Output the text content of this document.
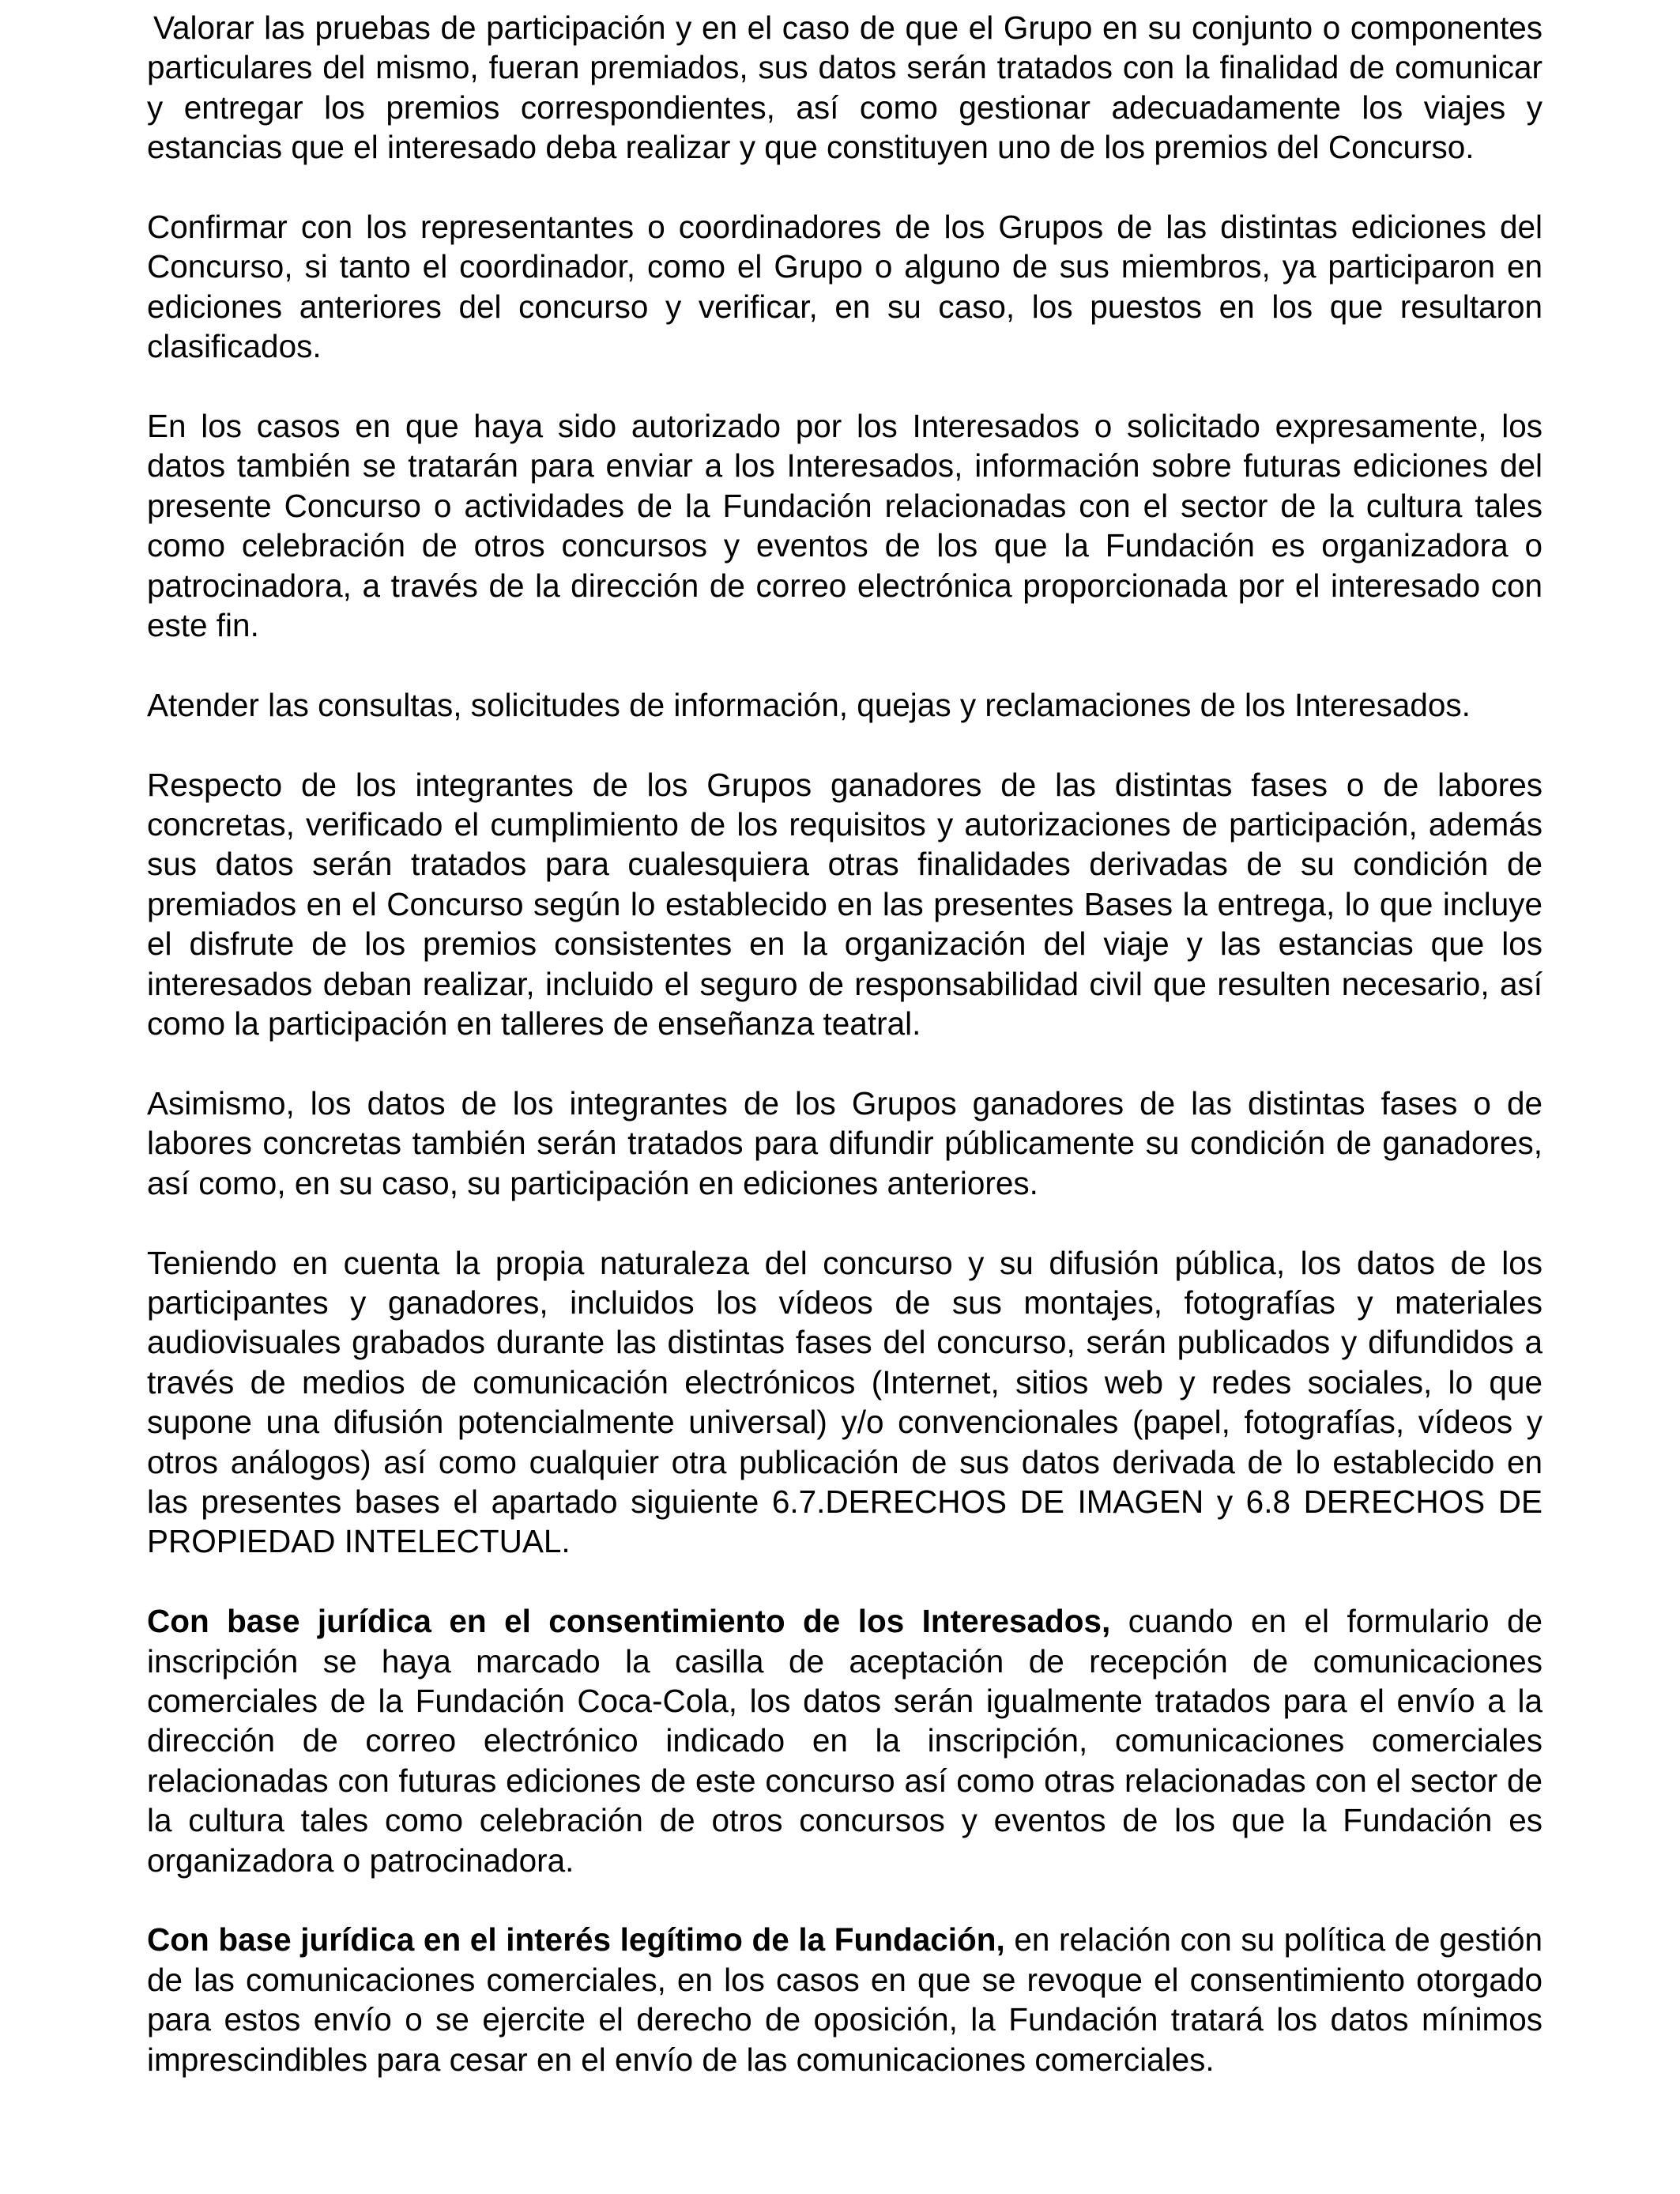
Valorar las pruebas de participación y en el caso de que el Grupo en su conjunto o componentes particulares del mismo, fueran premiados, sus datos serán tratados con la finalidad de comunicar y entregar los premios correspondientes, así como gestionar adecuadamente los viajes y estancias que el interesado deba realizar y que constituyen uno de los premios del Concurso.

Confirmar con los representantes o coordinadores de los Grupos de las distintas ediciones del Concurso, si tanto el coordinador, como el Grupo o alguno de sus miembros, ya participaron en ediciones anteriores del concurso y verificar, en su caso, los puestos en los que resultaron clasificados.

En los casos en que haya sido autorizado por los Interesados o solicitado expresamente, los datos también se tratarán para enviar a los Interesados, información sobre futuras ediciones del presente Concurso o actividades de la Fundación relacionadas con el sector de la cultura tales como celebración de otros concursos y eventos de los que la Fundación es organizadora o patrocinadora, a través de la dirección de correo electrónica proporcionada por el interesado con este fin.

Atender las consultas, solicitudes de información, quejas y reclamaciones de los Interesados.

Respecto de los integrantes de los Grupos ganadores de las distintas fases o de labores concretas, verificado el cumplimiento de los requisitos y autorizaciones de participación, además sus datos serán tratados para cualesquiera otras finalidades derivadas de su condición de premiados en el Concurso según lo establecido en las presentes Bases la entrega, lo que incluye el disfrute de los premios consistentes en la organización del viaje y las estancias que los interesados deban realizar, incluido el seguro de responsabilidad civil que resulten necesario, así como la participación en talleres de enseñanza teatral.

Asimismo, los datos de los integrantes de los Grupos ganadores de las distintas fases o de labores concretas también serán tratados para difundir públicamente su condición de ganadores, así como, en su caso, su participación en ediciones anteriores.

Teniendo en cuenta la propia naturaleza del concurso y su difusión pública, los datos de los participantes y ganadores, incluidos los vídeos de sus montajes, fotografías y materiales audiovisuales grabados durante las distintas fases del concurso, serán publicados y difundidos a través de medios de comunicación electrónicos (Internet, sitios web y redes sociales, lo que supone una difusión potencialmente universal) y/o convencionales (papel, fotografías, vídeos y otros análogos) así como cualquier otra publicación de sus datos derivada de lo establecido en las presentes bases el apartado siguiente 6.7.DERECHOS DE IMAGEN y 6.8 DERECHOS DE PROPIEDAD INTELECTUAL.

Con base jurídica en el consentimiento de los Interesados, cuando en el formulario de inscripción se haya marcado la casilla de aceptación de recepción de comunicaciones comerciales de la Fundación Coca-Cola, los datos serán igualmente tratados para el envío a la dirección de correo electrónico indicado en la inscripción, comunicaciones comerciales relacionadas con futuras ediciones de este concurso así como otras relacionadas con el sector de la cultura tales como celebración de otros concursos y eventos de los que la Fundación es organizadora o patrocinadora.

Con base jurídica en el interés legítimo de la Fundación, en relación con su política de gestión de las comunicaciones comerciales, en los casos en que se revoque el consentimiento otorgado para estos envío o se ejercite el derecho de oposición, la Fundación tratará los datos mínimos imprescindibles para cesar en el envío de las comunicaciones comerciales.
